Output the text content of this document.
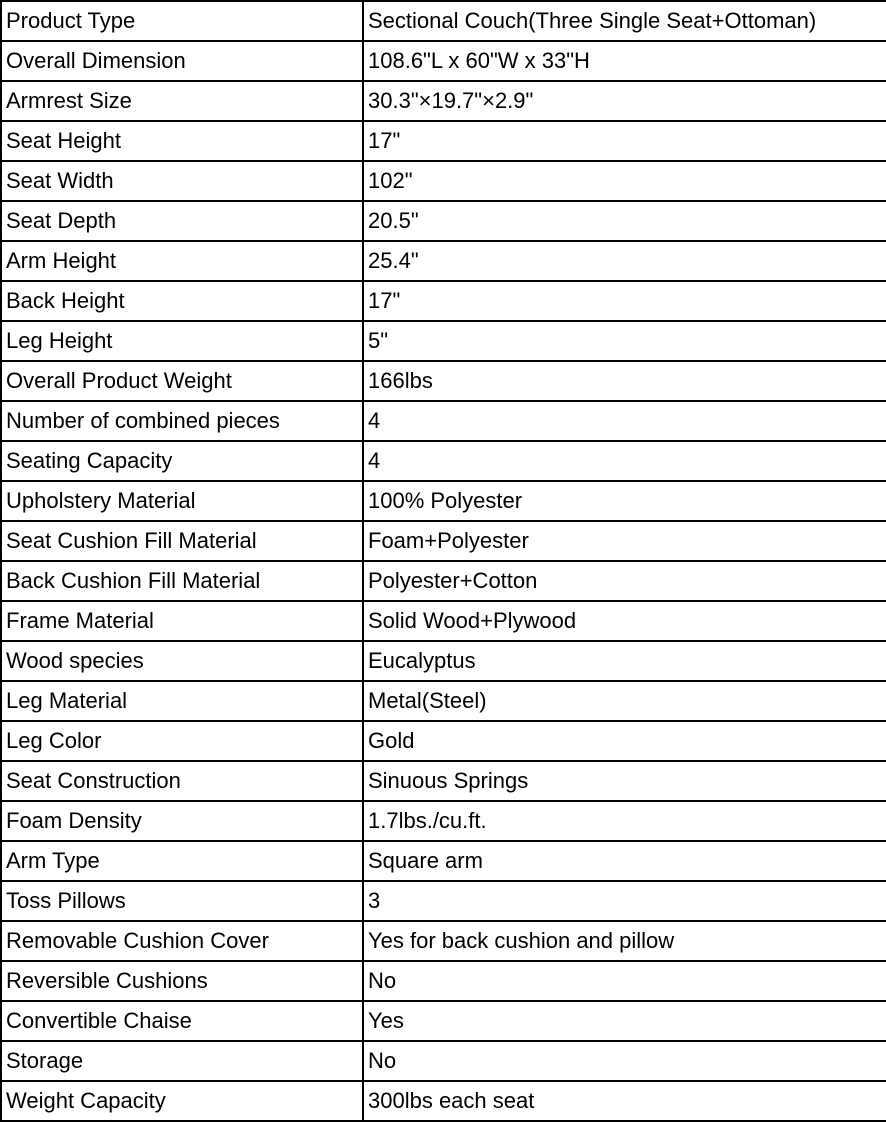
Product Type	Sectional Couch(Three Single Seat+Ottoman)
Overall Dimension	108.6"L x 60"W x 33"H
Armrest Size	30.3"×19.7"×2.9"
Seat Height	17"
Seat Width	102"
Seat Depth	20.5"
Arm Height	25.4"
Back Height	17"
Leg Height	5"
Overall Product Weight	166lbs
Number of combined pieces	4
Seating Capacity	4
Upholstery Material	100% Polyester
Seat Cushion Fill Material	Foam+Polyester
Back Cushion Fill Material	Polyester+Cotton
Frame Material	Solid Wood+Plywood
Wood species	Eucalyptus
Leg Material	Metal(Steel)
Leg Color	Gold
Seat Construction	Sinuous Springs
Foam Density	1.7lbs./cu.ft.
Arm Type	Square arm
Toss Pillows	3
Removable Cushion Cover	Yes for back cushion and pillow
Reversible Cushions	No
Convertible Chaise	Yes
Storage	No
Weight Capacity	300lbs each seat
